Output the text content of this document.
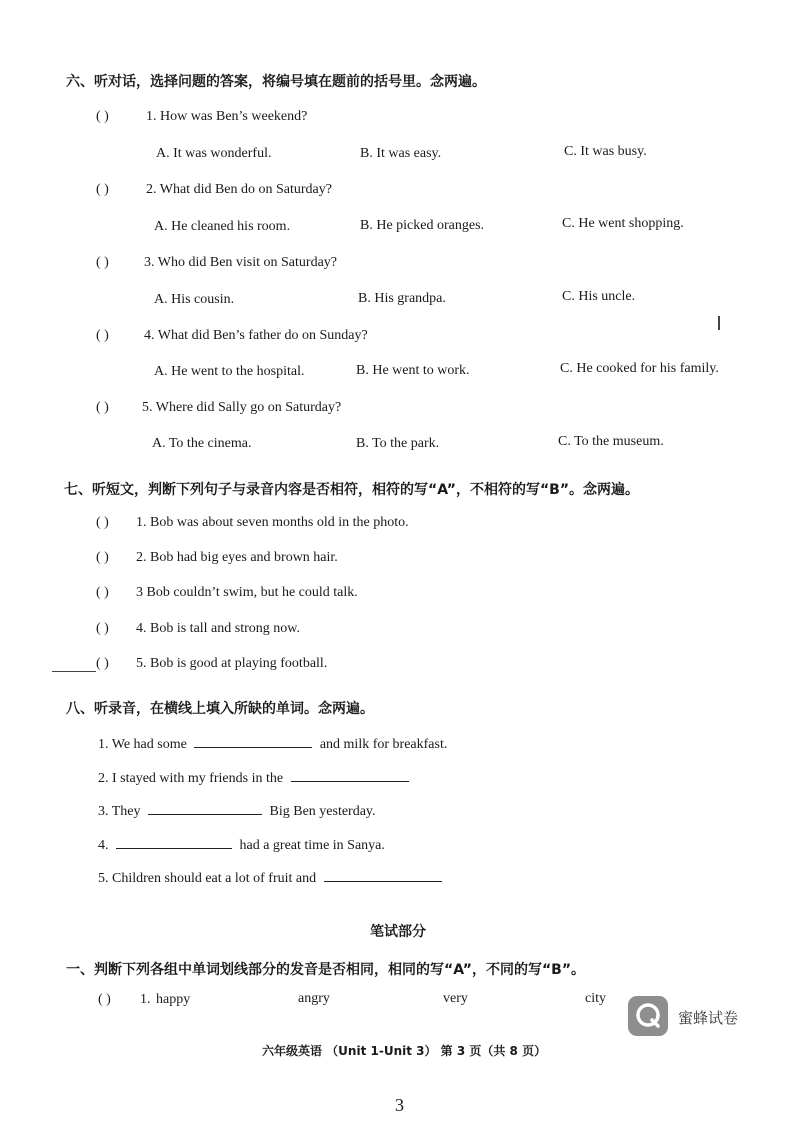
六、听对话，选择问题的答案，将编号填在题前的括号里。念两遍。
( )	1. How was Ben’s weekend?
A. It was wonderful.	B. It was easy.	C. It was busy.
( )	2. What did Ben do on Saturday?
A. He cleaned his room.	B. He picked oranges.	C. He went shopping.
( )	3. Who did Ben visit on Saturday?
A. His cousin.	B. His grandpa.	C. His uncle.
( )	4. What did Ben’s father do on Sunday?
A. He went to the hospital.	B. He went to work.	C. He cooked for his family.
( ) 5. Where did Sally go on Saturday?
A. To the cinema.	B. To the park.	C. To the museum.
七、听短文，判断下列句子与录音内容是否相符，相符的写“A”，不相符的写“B”。念两遍。
( ) 1. Bob was about seven months old in the photo.
( ) 2. Bob had big eyes and brown hair.
( ) 3 Bob couldn’t swim, but he could talk.
( ) 4. Bob is tall and strong now.
( ) 5. Bob is good at playing football.
八、听录音，在横线上填入所缺的单词。念两遍。
1. We had some	and milk for breakfast.
2. I stayed with my friends in the
3. They	Big Ben yesterday.
4.	had a great time in Sanya.
5. Children should eat a lot of fruit and
笔试部分
一、判断下列各组中单词划线部分的发音是否相同，相同的写“A”，不同的写“B”。
( ) 1. happy	angry	very	city
蜜蜂试卷
六年级英语 （Unit 1-Unit 3） 第 3 页（共 8 页）
3
